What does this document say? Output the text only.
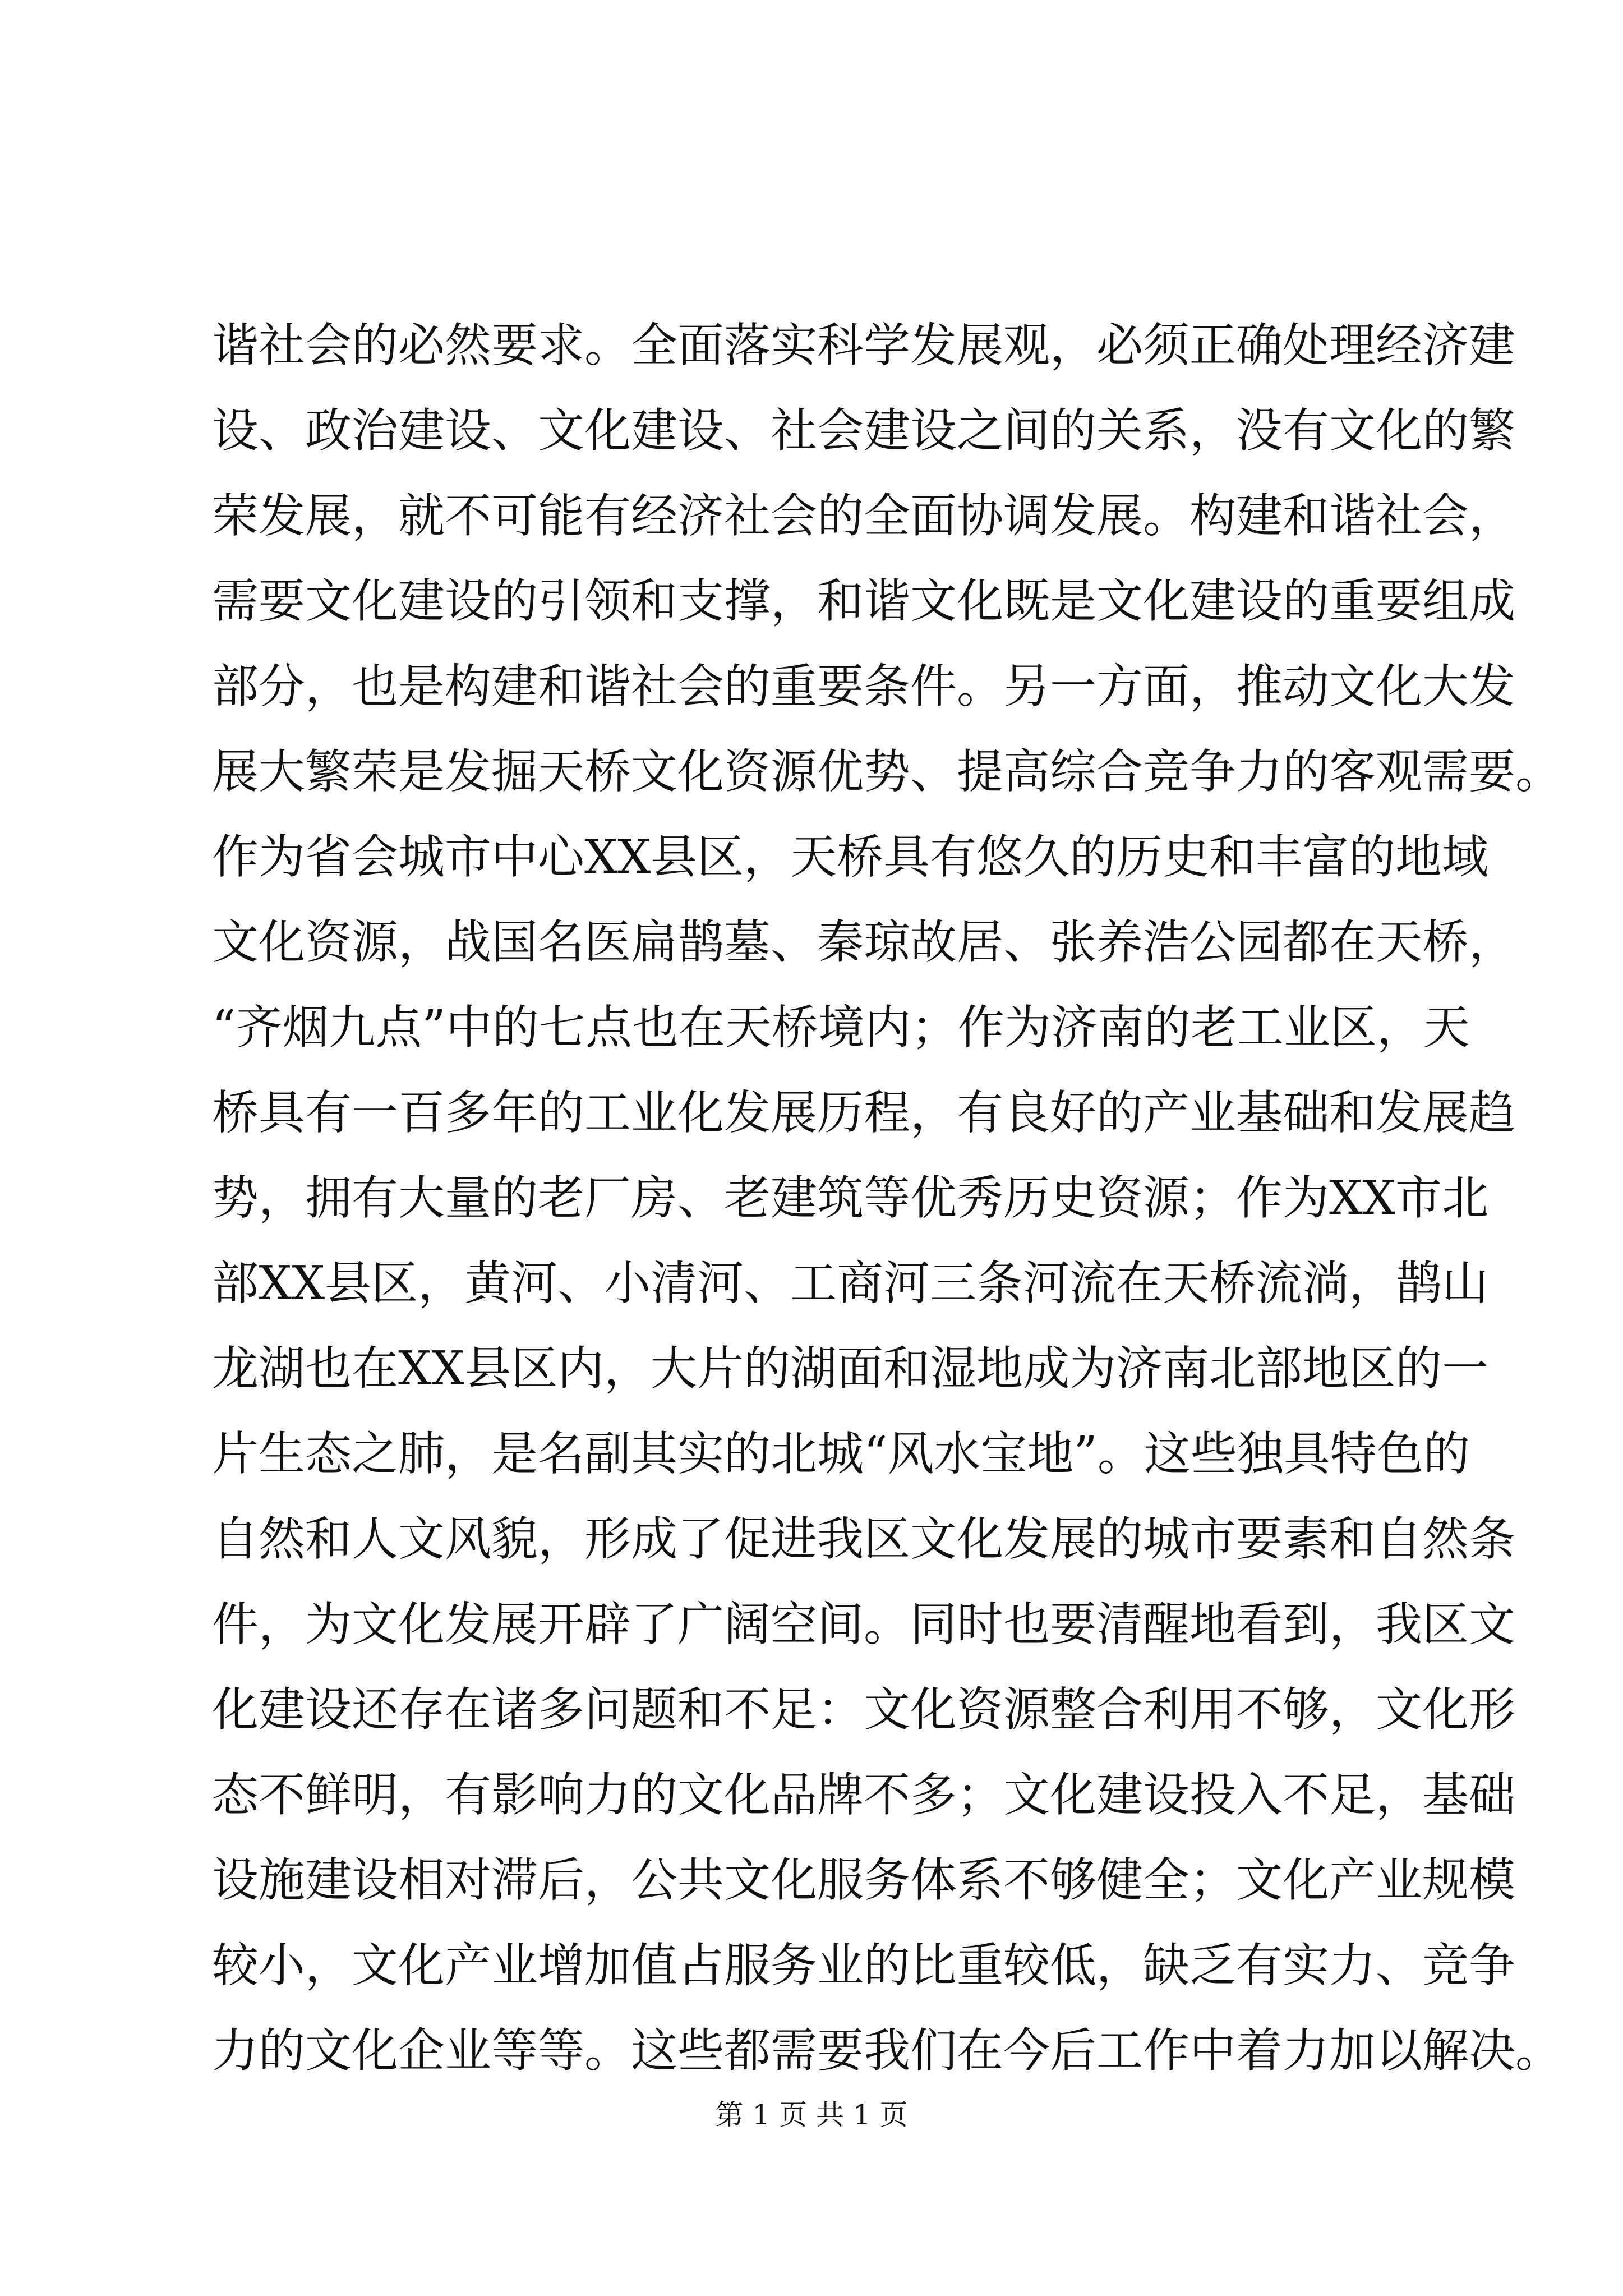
谐社会的必然要求。全面落实科学发展观，必须正确处理经济建
设、政治建设、文化建设、社会建设之间的关系，没有文化的繁
荣发展，就不可能有经济社会的全面协调发展。构建和谐社会，
需要文化建设的引领和支撑，和谐文化既是文化建设的重要组成
部分，也是构建和谐社会的重要条件。另一方面，推动文化大发
展大繁荣是发掘天桥文化资源优势、提高综合竞争力的客观需要。
作为省会城市中心XX县区，天桥具有悠久的历史和丰富的地域
文化资源，战国名医扁鹊墓、秦琼故居、张养浩公园都在天桥，
“齐烟九点”中的七点也在天桥境内；作为济南的老工业区，天
桥具有一百多年的工业化发展历程，有良好的产业基础和发展趋
势，拥有大量的老厂房、老建筑等优秀历史资源；作为XX市北
部XX县区，黄河、小清河、工商河三条河流在天桥流淌，鹊山
龙湖也在XX县区内，大片的湖面和湿地成为济南北部地区的一
片生态之肺，是名副其实的北城“风水宝地”。这些独具特色的
自然和人文风貌，形成了促进我区文化发展的城市要素和自然条
件，为文化发展开辟了广阔空间。同时也要清醒地看到，我区文
化建设还存在诸多问题和不足：文化资源整合利用不够，文化形
态不鲜明，有影响力的文化品牌不多；文化建设投入不足，基础
设施建设相对滞后，公共文化服务体系不够健全；文化产业规模
较小，文化产业增加值占服务业的比重较低，缺乏有实力、竞争
力的文化企业等等。这些都需要我们在今后工作中着力加以解决。
第 1 页 共 1 页
